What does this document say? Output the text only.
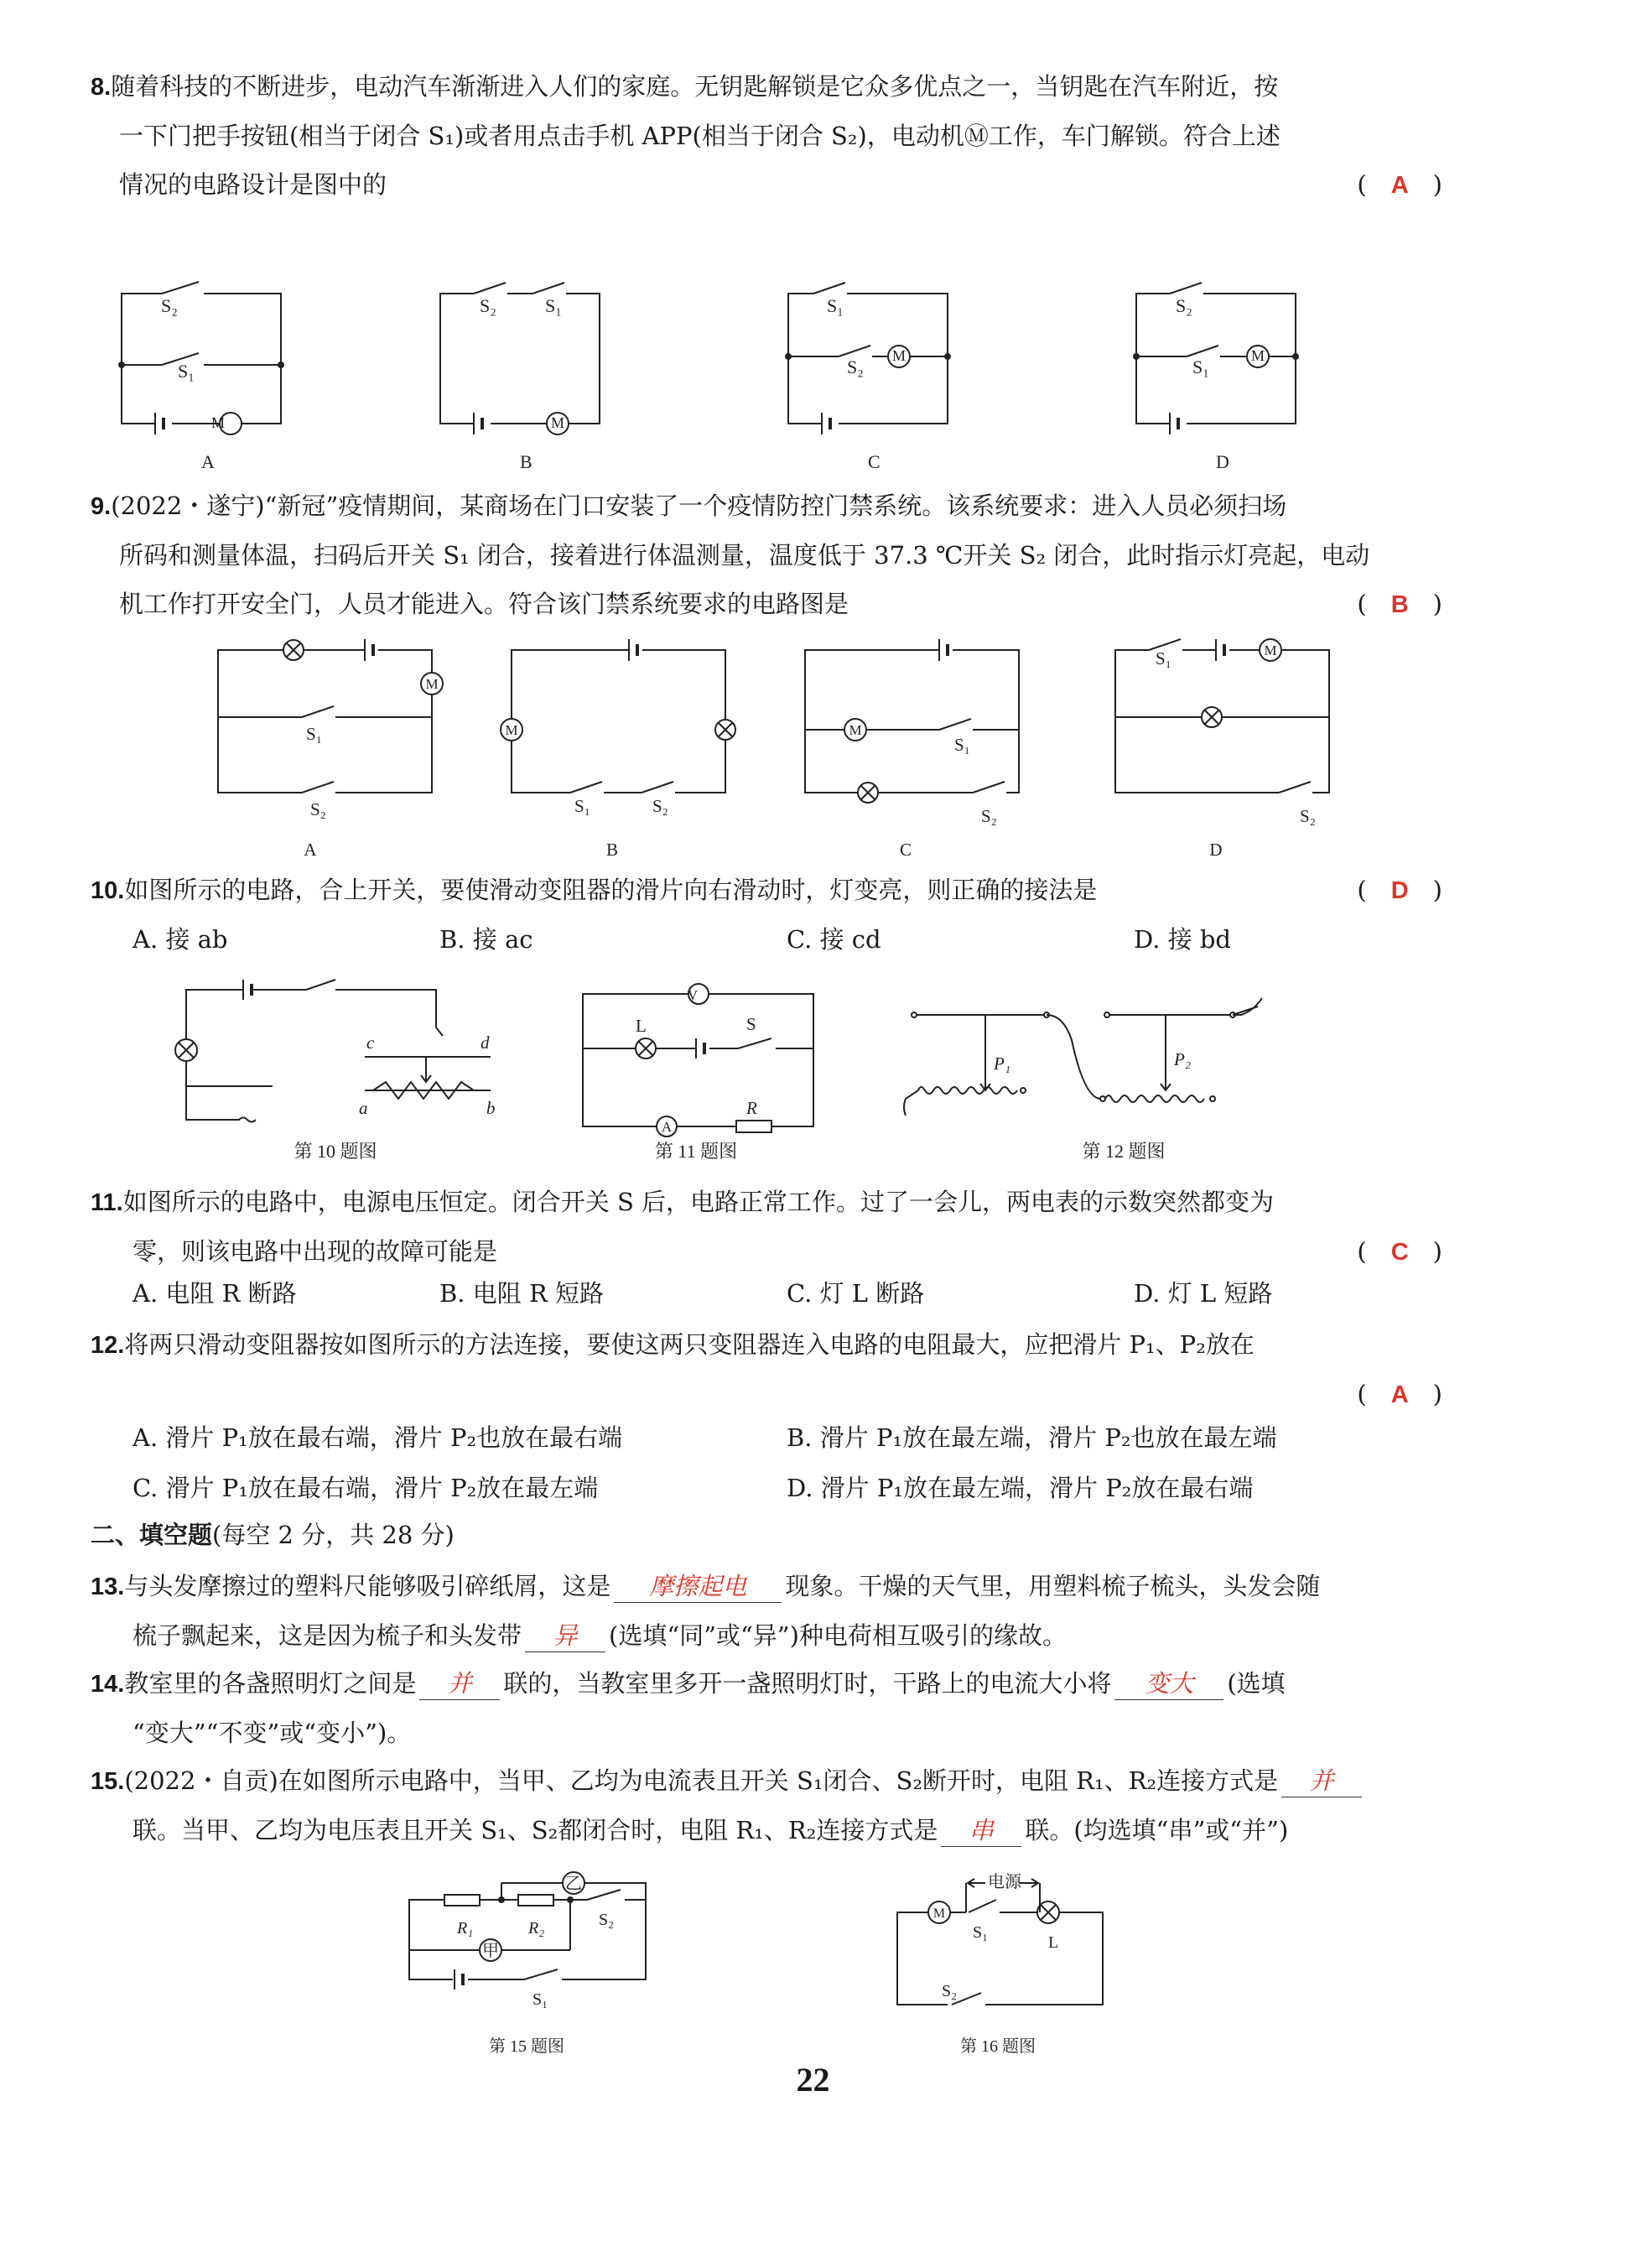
8.随着科技的不断进步，电动汽车渐渐进入人们的家庭。无钥匙解锁是它众多优点之一，当钥匙在汽车附近，按
一下门把手按钮(相当于闭合 S₁)或者用点击手机 APP(相当于闭合 S₂)，电动机Ⓜ工作，车门解锁。符合上述
情况的电路设计是图中的	(　A　)
M	M
M	M
S₂
S₁
S₂	S₁	S₁
S₂
S₂
S₁
A	B	C	D
9.(2022・遂宁)“新冠”疫情期间，某商场在门口安装了一个疫情防控门禁系统。该系统要求：进入人员必须扫场
所码和测量体温，扫码后开关 S₁ 闭合，接着进行体温测量，温度低于 37.3 ℃开关 S₂ 闭合，此时指示灯亮起，电动
机工作打开安全门，人员才能进入。符合该门禁系统要求的电路图是	(　B　)
M
M	M
M
S₁
S₂	S₁	S₂
S₁
S₂
S₁
S₂
A	B	C	D
10.如图所示的电路，合上开关，要使滑动变阻器的滑片向右滑动时，灯变亮，则正确的接法是	(　D　)
A. 接 ab	B. 接 ac	C. 接 cd	D. 接 bd
c	d
a	b
V
L	S
A
R
P₁	P₂
第 10 题图	第 11 题图	第 12 题图
11.如图所示的电路中，电源电压恒定。闭合开关 S 后，电路正常工作。过了一会儿，两电表的示数突然都变为
零，则该电路中出现的故障可能是	(　C　)
A. 电阻 R 断路	B. 电阻 R 短路	C. 灯 L 断路	D. 灯 L 短路
12.将两只滑动变阻器按如图所示的方法连接，要使这两只变阻器连入电路的电阻最大，应把滑片 P₁、P₂放在
(　A　)
A. 滑片 P₁放在最右端，滑片 P₂也放在最右端	B. 滑片 P₁放在最左端，滑片 P₂也放在最左端
C. 滑片 P₁放在最右端，滑片 P₂放在最左端	D. 滑片 P₁放在最左端，滑片 P₂放在最右端
二、填空题(每空 2 分，共 28 分)
13.与头发摩擦过的塑料尺能够吸引碎纸屑，这是 摩擦起电 现象。干燥的天气里，用塑料梳子梳头，头发会随
梳子飘起来，这是因为梳子和头发带 异 (选填“同”或“异”)种电荷相互吸引的缘故。
14.教室里的各盏照明灯之间是 并 联的，当教室里多开一盏照明灯时，干路上的电流大小将 变大 (选填
“变大”“不变”或“变小”)。
15.(2022・自贡)在如图所示电路中，当甲、乙均为电流表且开关 S₁闭合、S₂断开时，电阻 R₁、R₂连接方式是 并
联。当甲、乙均为电压表且开关 S₁、S₂都闭合时，电阻 R₁、R₂连接方式是 串 联。(均选填“串”或“并”)
乙
甲
R₁	R₂	S₂
S₁
M
电源
S₁
L
S₂
第 15 题图	第 16 题图
22
